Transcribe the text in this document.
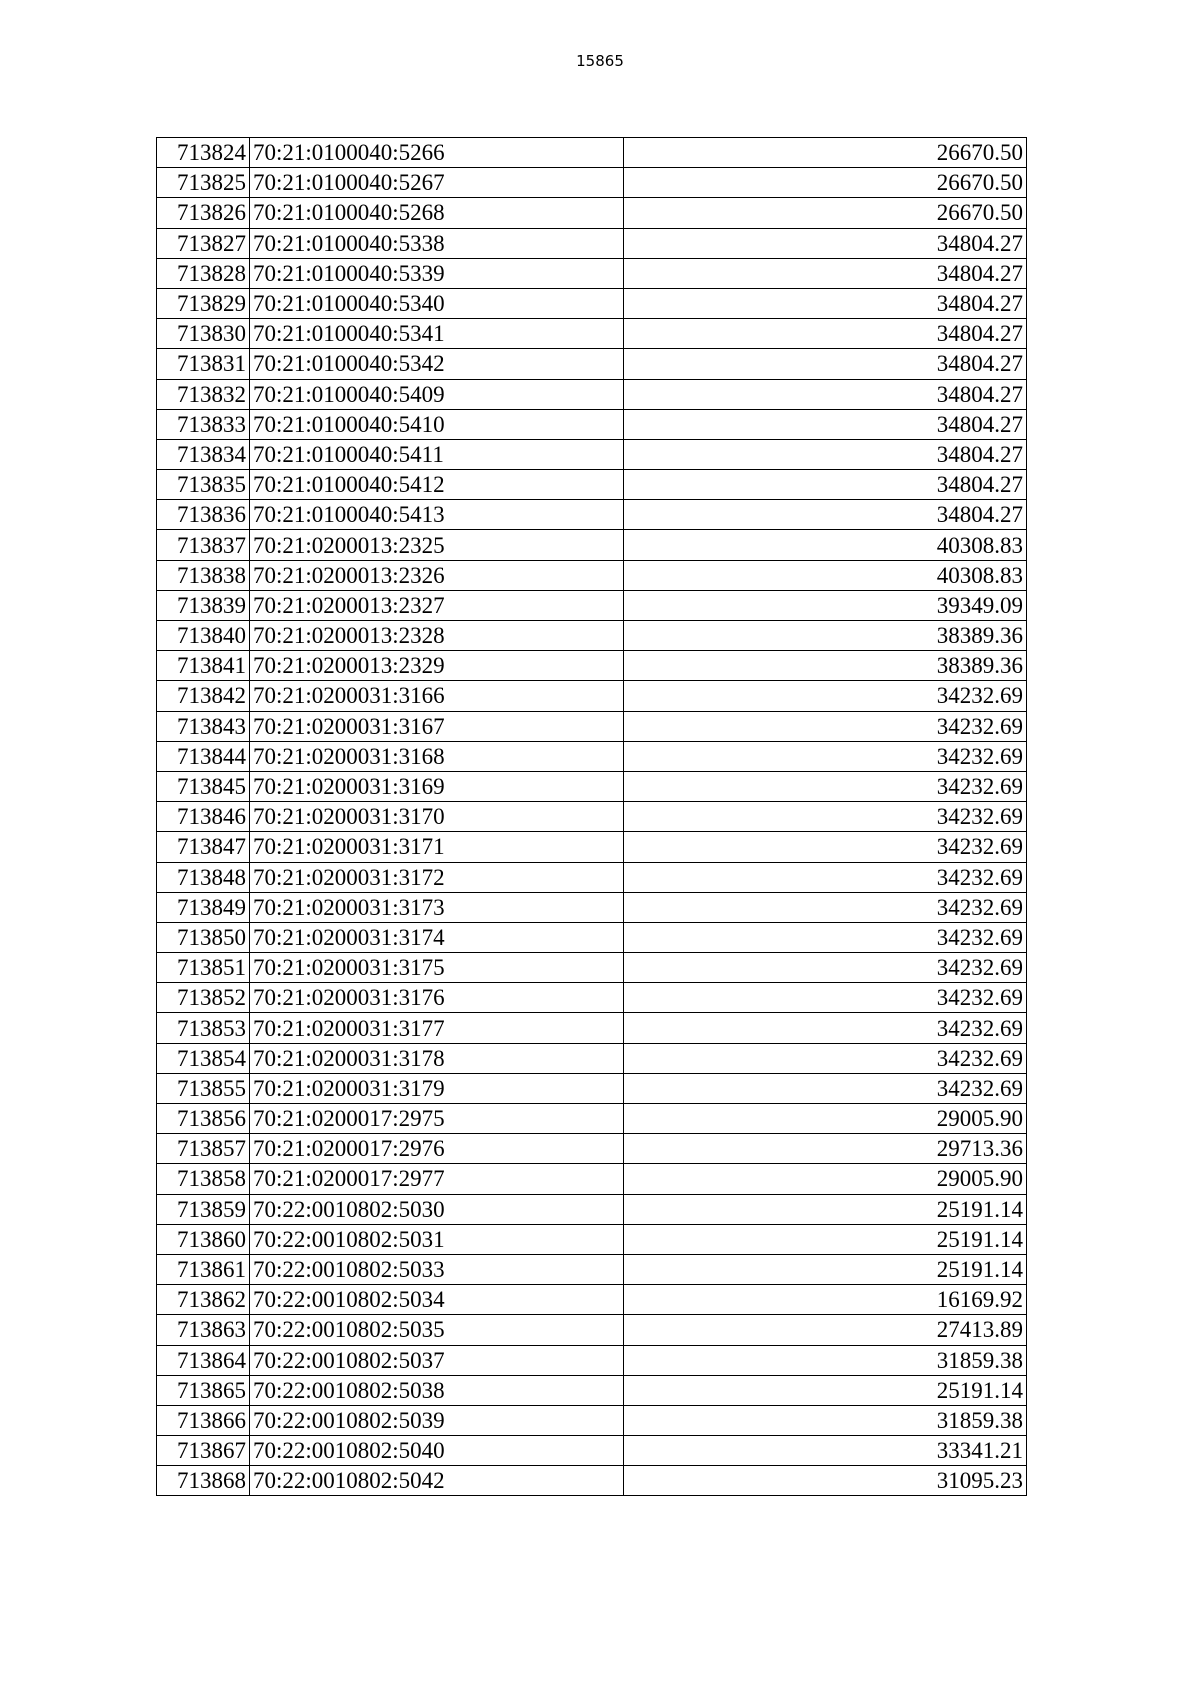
15865
713824	70:21:0100040:5266	26670.50
713825	70:21:0100040:5267	26670.50
713826	70:21:0100040:5268	26670.50
713827	70:21:0100040:5338	34804.27
713828	70:21:0100040:5339	34804.27
713829	70:21:0100040:5340	34804.27
713830	70:21:0100040:5341	34804.27
713831	70:21:0100040:5342	34804.27
713832	70:21:0100040:5409	34804.27
713833	70:21:0100040:5410	34804.27
713834	70:21:0100040:5411	34804.27
713835	70:21:0100040:5412	34804.27
713836	70:21:0100040:5413	34804.27
713837	70:21:0200013:2325	40308.83
713838	70:21:0200013:2326	40308.83
713839	70:21:0200013:2327	39349.09
713840	70:21:0200013:2328	38389.36
713841	70:21:0200013:2329	38389.36
713842	70:21:0200031:3166	34232.69
713843	70:21:0200031:3167	34232.69
713844	70:21:0200031:3168	34232.69
713845	70:21:0200031:3169	34232.69
713846	70:21:0200031:3170	34232.69
713847	70:21:0200031:3171	34232.69
713848	70:21:0200031:3172	34232.69
713849	70:21:0200031:3173	34232.69
713850	70:21:0200031:3174	34232.69
713851	70:21:0200031:3175	34232.69
713852	70:21:0200031:3176	34232.69
713853	70:21:0200031:3177	34232.69
713854	70:21:0200031:3178	34232.69
713855	70:21:0200031:3179	34232.69
713856	70:21:0200017:2975	29005.90
713857	70:21:0200017:2976	29713.36
713858	70:21:0200017:2977	29005.90
713859	70:22:0010802:5030	25191.14
713860	70:22:0010802:5031	25191.14
713861	70:22:0010802:5033	25191.14
713862	70:22:0010802:5034	16169.92
713863	70:22:0010802:5035	27413.89
713864	70:22:0010802:5037	31859.38
713865	70:22:0010802:5038	25191.14
713866	70:22:0010802:5039	31859.38
713867	70:22:0010802:5040	33341.21
713868	70:22:0010802:5042	31095.23
